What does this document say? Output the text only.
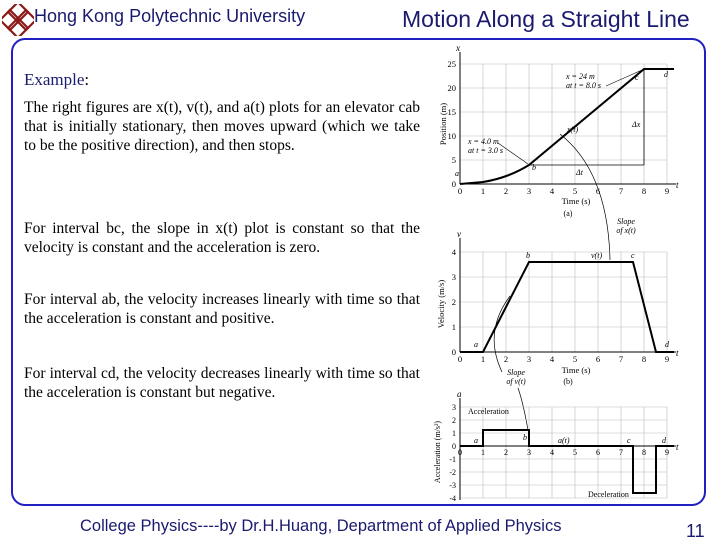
Hong Kong Polytechnic University	Motion Along a Straight Line
Example:
The right figures are x(t), v(t), and a(t) plots for an elevator cab that is initially stationary, then moves upward (which we take to be the positive direction), and then stops.
For interval bc, the slope in x(t) plot is constant so that the velocity is constant and the acceleration is zero.
For interval ab, the velocity increases linearly with time so that the acceleration is constant and positive.
For interval cd, the velocity decreases linearly with time so that the acceleration is constant but negative.
t
x
0
5
10
15
20
25
0 1 2 3 4 5 6 7 8 9
Position (m)
Time (s)
(a)
a
b
c	d
x(t)
Δx
Δt
x = 24 m
at t = 8.0 s
x = 4.0 m
at t = 3.0 s
Slope
of x(t)
t
v
0
1
2
3
4
0 1 2 3 4 5 6 7 8 9
Velocity (m/s)
Time (s)
(b)
a
b	c
d
v(t)
Slope
of v(t)
t
a
3
2
1
0
-1
-2
-3
-4
0 1 2 3 4 5 6 7 8 9
Acceleration (m/s²)	a	b	c	d
a(t)
Acceleration
Deceleration
College Physics----by Dr.H.Huang, Department of Applied Physics	11
